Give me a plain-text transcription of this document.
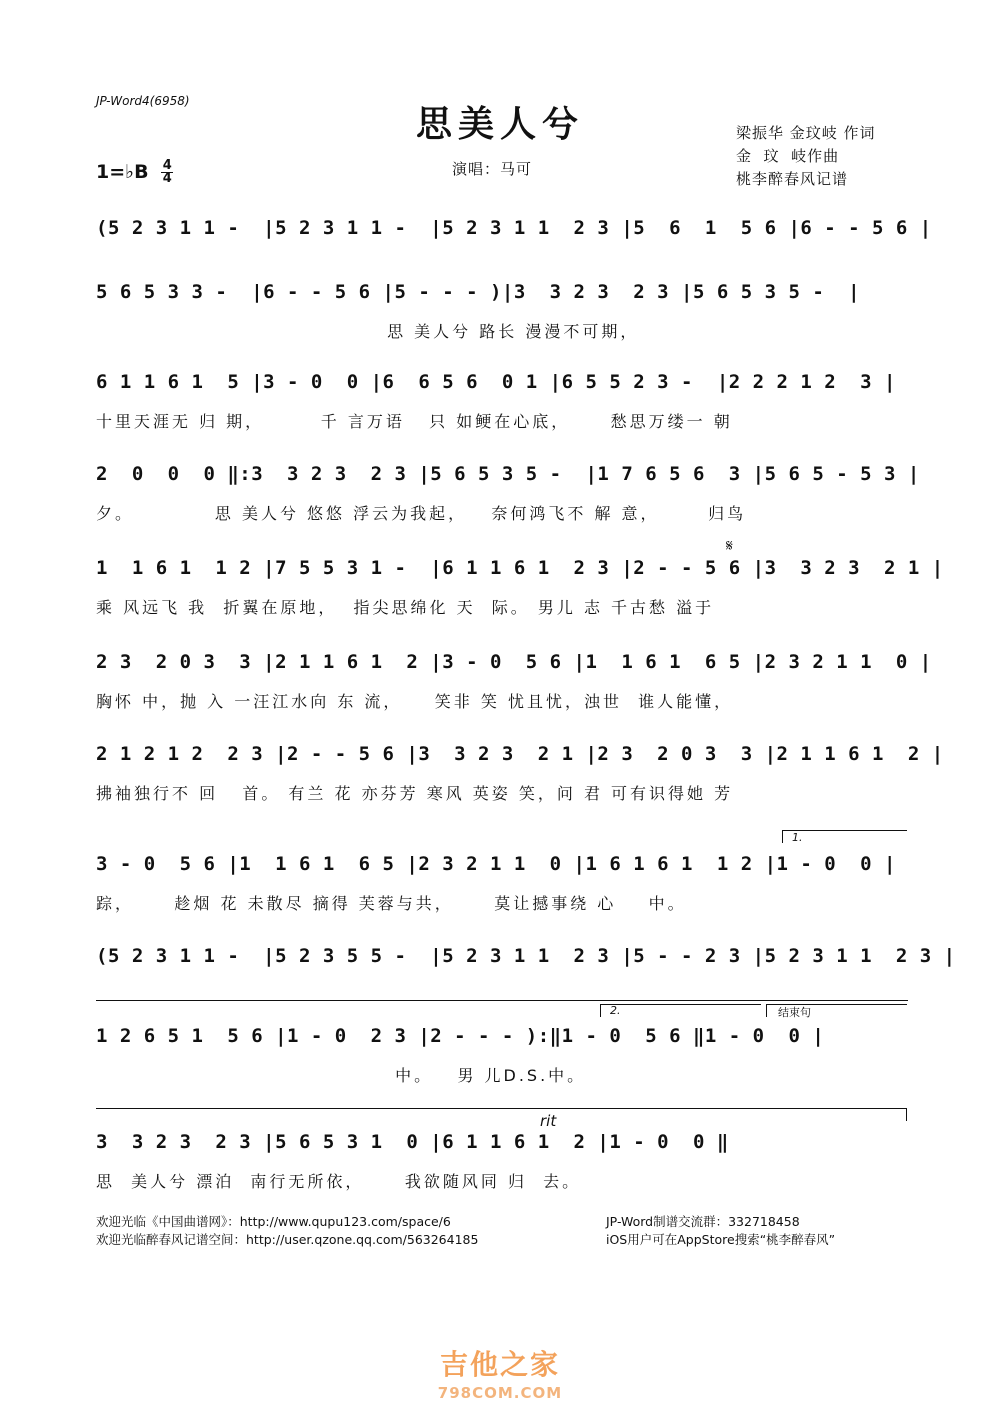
JP-Word4(6958)
思美人兮	梁振华 金玟岐 作词
金  玟  岐作曲
桃李醉春风记谱
1=♭B $\frac{4}{4}$	演唱：马可
(5 2 3 1 1 -  |5 2 3 1 1 -  |5 2 3 1 1  2 3 |5  6  1  5 6 |6 - - 5 6 |
5 6 5 3 3 -  |6 - - 5 6 |5 - - - )|3  3 2 3  2 3 |5 6 5 3 5 -  |
思 美人兮 路长 漫漫不可期，
6 1 1 6 1  5 |3 - 0  0 |6  6 5 6  0 1 |6 5 5 2 3 -  |2 2 2 1 2  3 |
十里天涯无 归 期，       千 言万语   只 如鲠在心底，     愁思万缕一 朝
2  0  0  0 ‖:3  3 2 3  2 3 |5 6 5 3 5 -  |1 7 6 5 6  3 |5 6 5 - 5 3 |
夕。          思 美人兮 悠悠 浮云为我起，   奈何鸿飞不 解 意，      归鸟
1  1 6 1  1 2 |7 5 5 3 1 -  |6 1 1 6 1  2 3 |2 - - 5 6 |3  3 2 3  2 1 |
乘 风远飞 我  折翼在原地，  指尖思绵化 天  际。 男儿 志 千古愁 溢于
2 3  2 0 3  3 |2 1 1 6 1  2 |3 - 0  5 6 |1  1 6 1  6 5 |2 3 2 1 1  0 |
胸怀 中，抛 入 一汪江水向 东 流，    笑非 笑 忧且忧，浊世  谁人能懂，
2 1 2 1 2  2 3 |2 - - 5 6 |3  3 2 3  2 1 |2 3  2 0 3  3 |2 1 1 6 1  2 |
拂袖独行不 回   首。 有兰 花 亦芬芳 寒风 英姿 笑，问 君 可有识得她 芳
3 - 0  5 6 |1  1 6 1  6 5 |2 3 2 1 1  0 |1 6 1 6 1  1 2 |1 - 0  0 |
踪，     趁烟 花 未散尽 摘得 芙蓉与共，     莫让撼事绕 心    中。
(5 2 3 1 1 -  |5 2 3 5 5 -  |5 2 3 1 1  2 3 |5 - - 2 3 |5 2 3 1 1  2 3 |
1 2 6 5 1  5 6 |1 - 0  2 3 |2 - - - ):‖1 - 0  5 6 ‖1 - 0  0 |
中。   男 儿D.S.中。
3  3 2 3  2 3 |5 6 5 3 1  0 |6 1 1 6 1  2 |1 - 0  0 ‖
思  美人兮 漂泊  南行无所依，     我欲随风同 归  去。
𝄋
1.
2.	结束句
rit
欢迎光临《中国曲谱网》：http://www.qupu123.com/space/6
欢迎光临醉春风记谱空间：http://user.qzone.qq.com/563264185
JP-Word制谱交流群：332718458
iOS用户可在AppStore搜索“桃李醉春风”
吉他之家
798COM.COM
